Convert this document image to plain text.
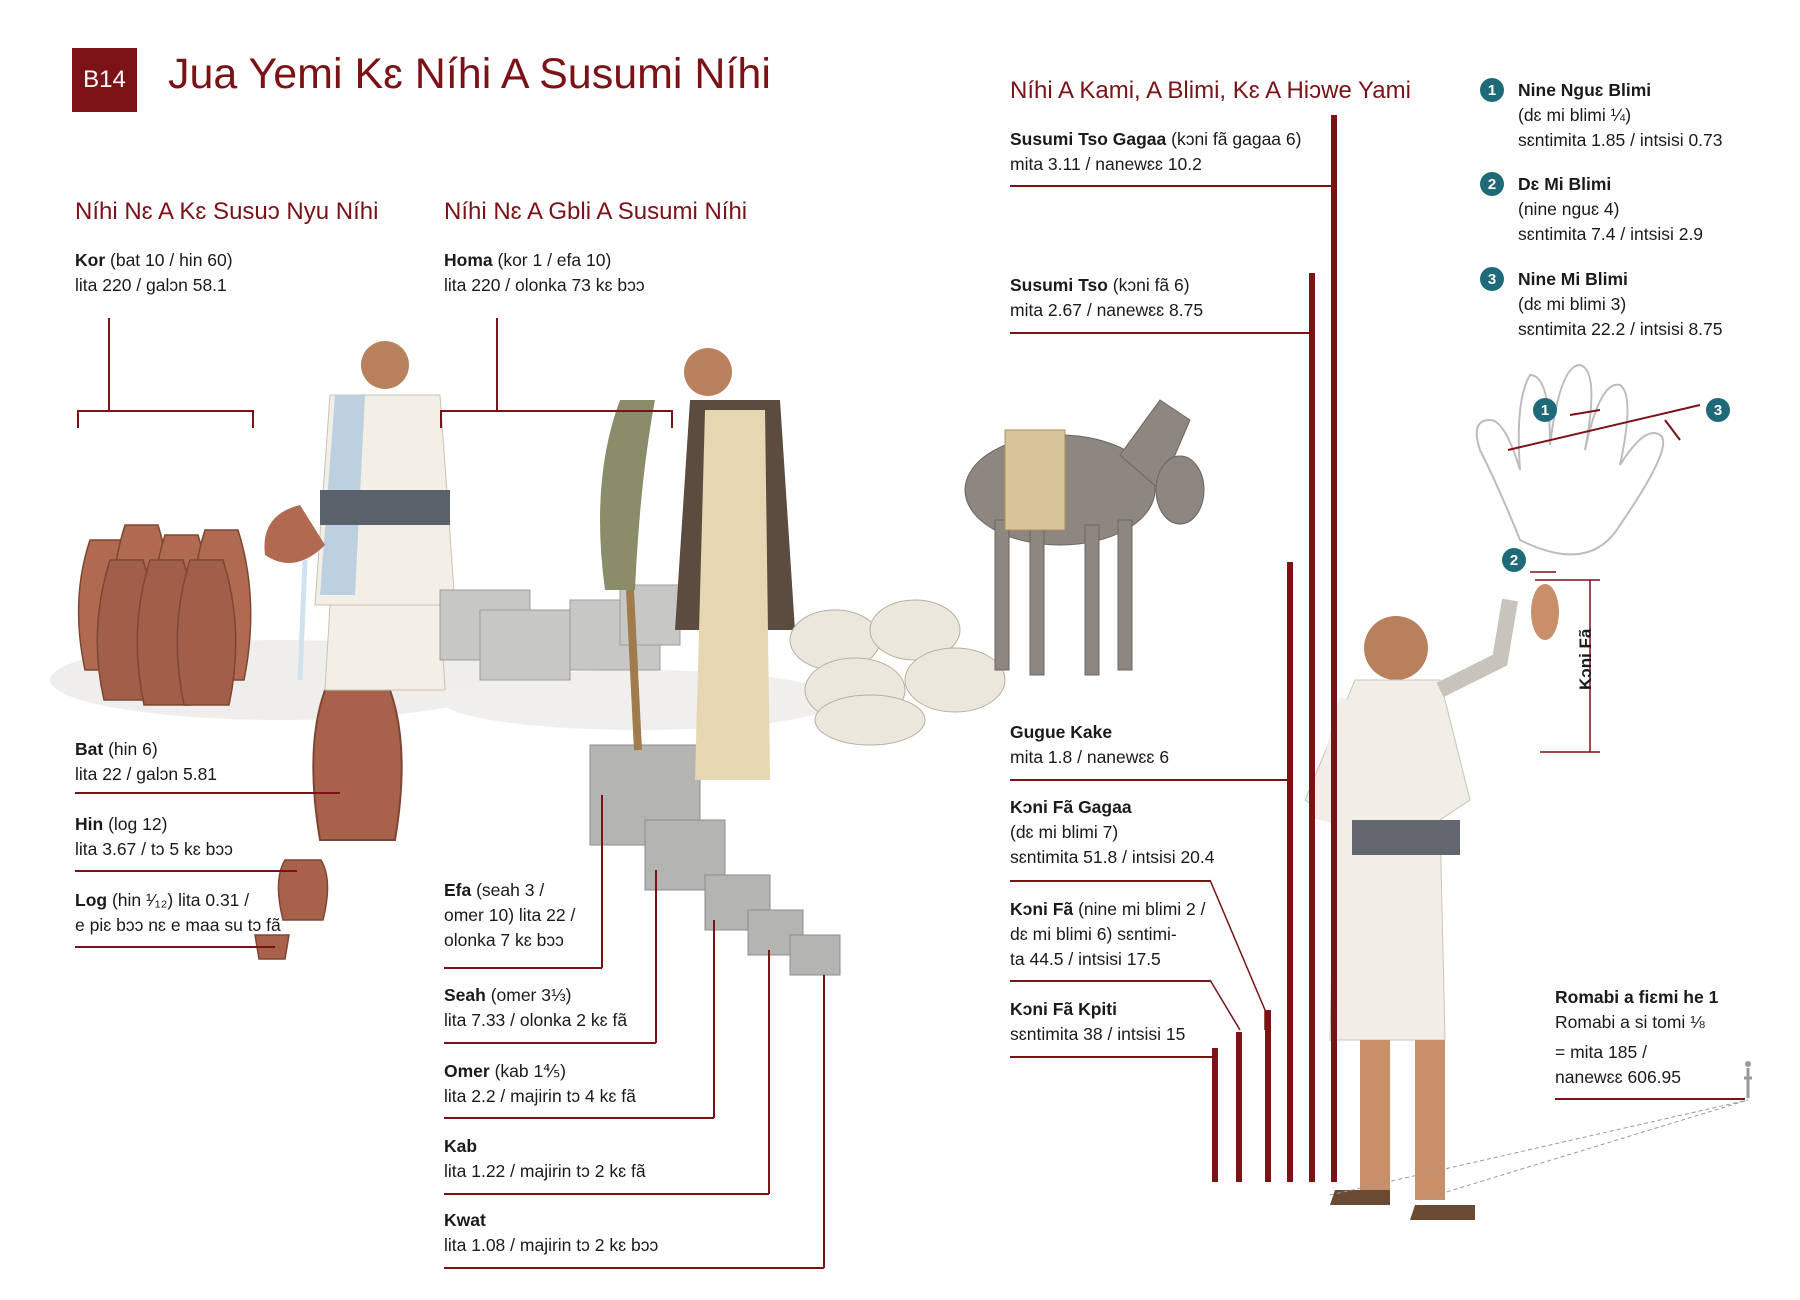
B14 Jua Yemi Kɛ Níhi A Susumi Níhi
Níhi Nɛ A Kɛ Susuɔ Nyu Níhi	Níhi Nɛ A Gbli A Susumi Níhi
Níhi A Kami, A Blimi, Kɛ A Hiɔwe Yami
Kor (bat 10 / hin 60)
lita 220 / galɔn 58.1
Bat (hin 6)
lita 22 / galɔn 5.81
Hin (log 12)
lita 3.67 / tɔ 5 kɛ bɔɔ
Log (hin ¹⁄₁₂) lita 0.31 /
e piɛ bɔɔ nɛ e maa su tɔ fã
Homa (kor 1 / efa 10)
lita 220 / olonka 73 kɛ bɔɔ
Efa (seah 3 /
omer 10) lita 22 /
olonka 7 kɛ bɔɔ
Seah (omer 3⅓)
lita 7.33 / olonka 2 kɛ fã
Omer (kab 1⅘)
lita 2.2 / majirin tɔ 4 kɛ fã
Kab
lita 1.22 / majirin tɔ 2 kɛ fã
Kwat
lita 1.08 / majirin tɔ 2 kɛ bɔɔ
Susumi Tso Gagaa (kɔni fã gagaa 6)
mita 3.11 / nanewɛɛ 10.2
Susumi Tso (kɔni fã 6)
mita 2.67 / nanewɛɛ 8.75
Gugue Kake
mita 1.8 / nanewɛɛ 6
Kɔni Fã Gagaa
(dɛ mi blimi 7)
sɛntimita 51.8 / intsisi 20.4
Kɔni Fã (nine mi blimi 2 /
dɛ mi blimi 6) sɛntimi-
ta 44.5 / intsisi 17.5
Kɔni Fã Kpiti
sɛntimita 38 / intsisi 15
1	Nine Nguɛ Blimi
(dɛ mi blimi ¼)
sɛntimita 1.85 / intsisi 0.73
2	Dɛ Mi Blimi
(nine nguɛ 4)
sɛntimita 7.4 / intsisi 2.9
3	Nine Mi Blimi
(dɛ mi blimi 3)
sɛntimita 22.2 / intsisi 8.75
1	3
2
Kɔni Fã
Romabi a fiɛmi he 1
Romabi a si tomi ⅛
= mita 185 /
nanewɛɛ 606.95
